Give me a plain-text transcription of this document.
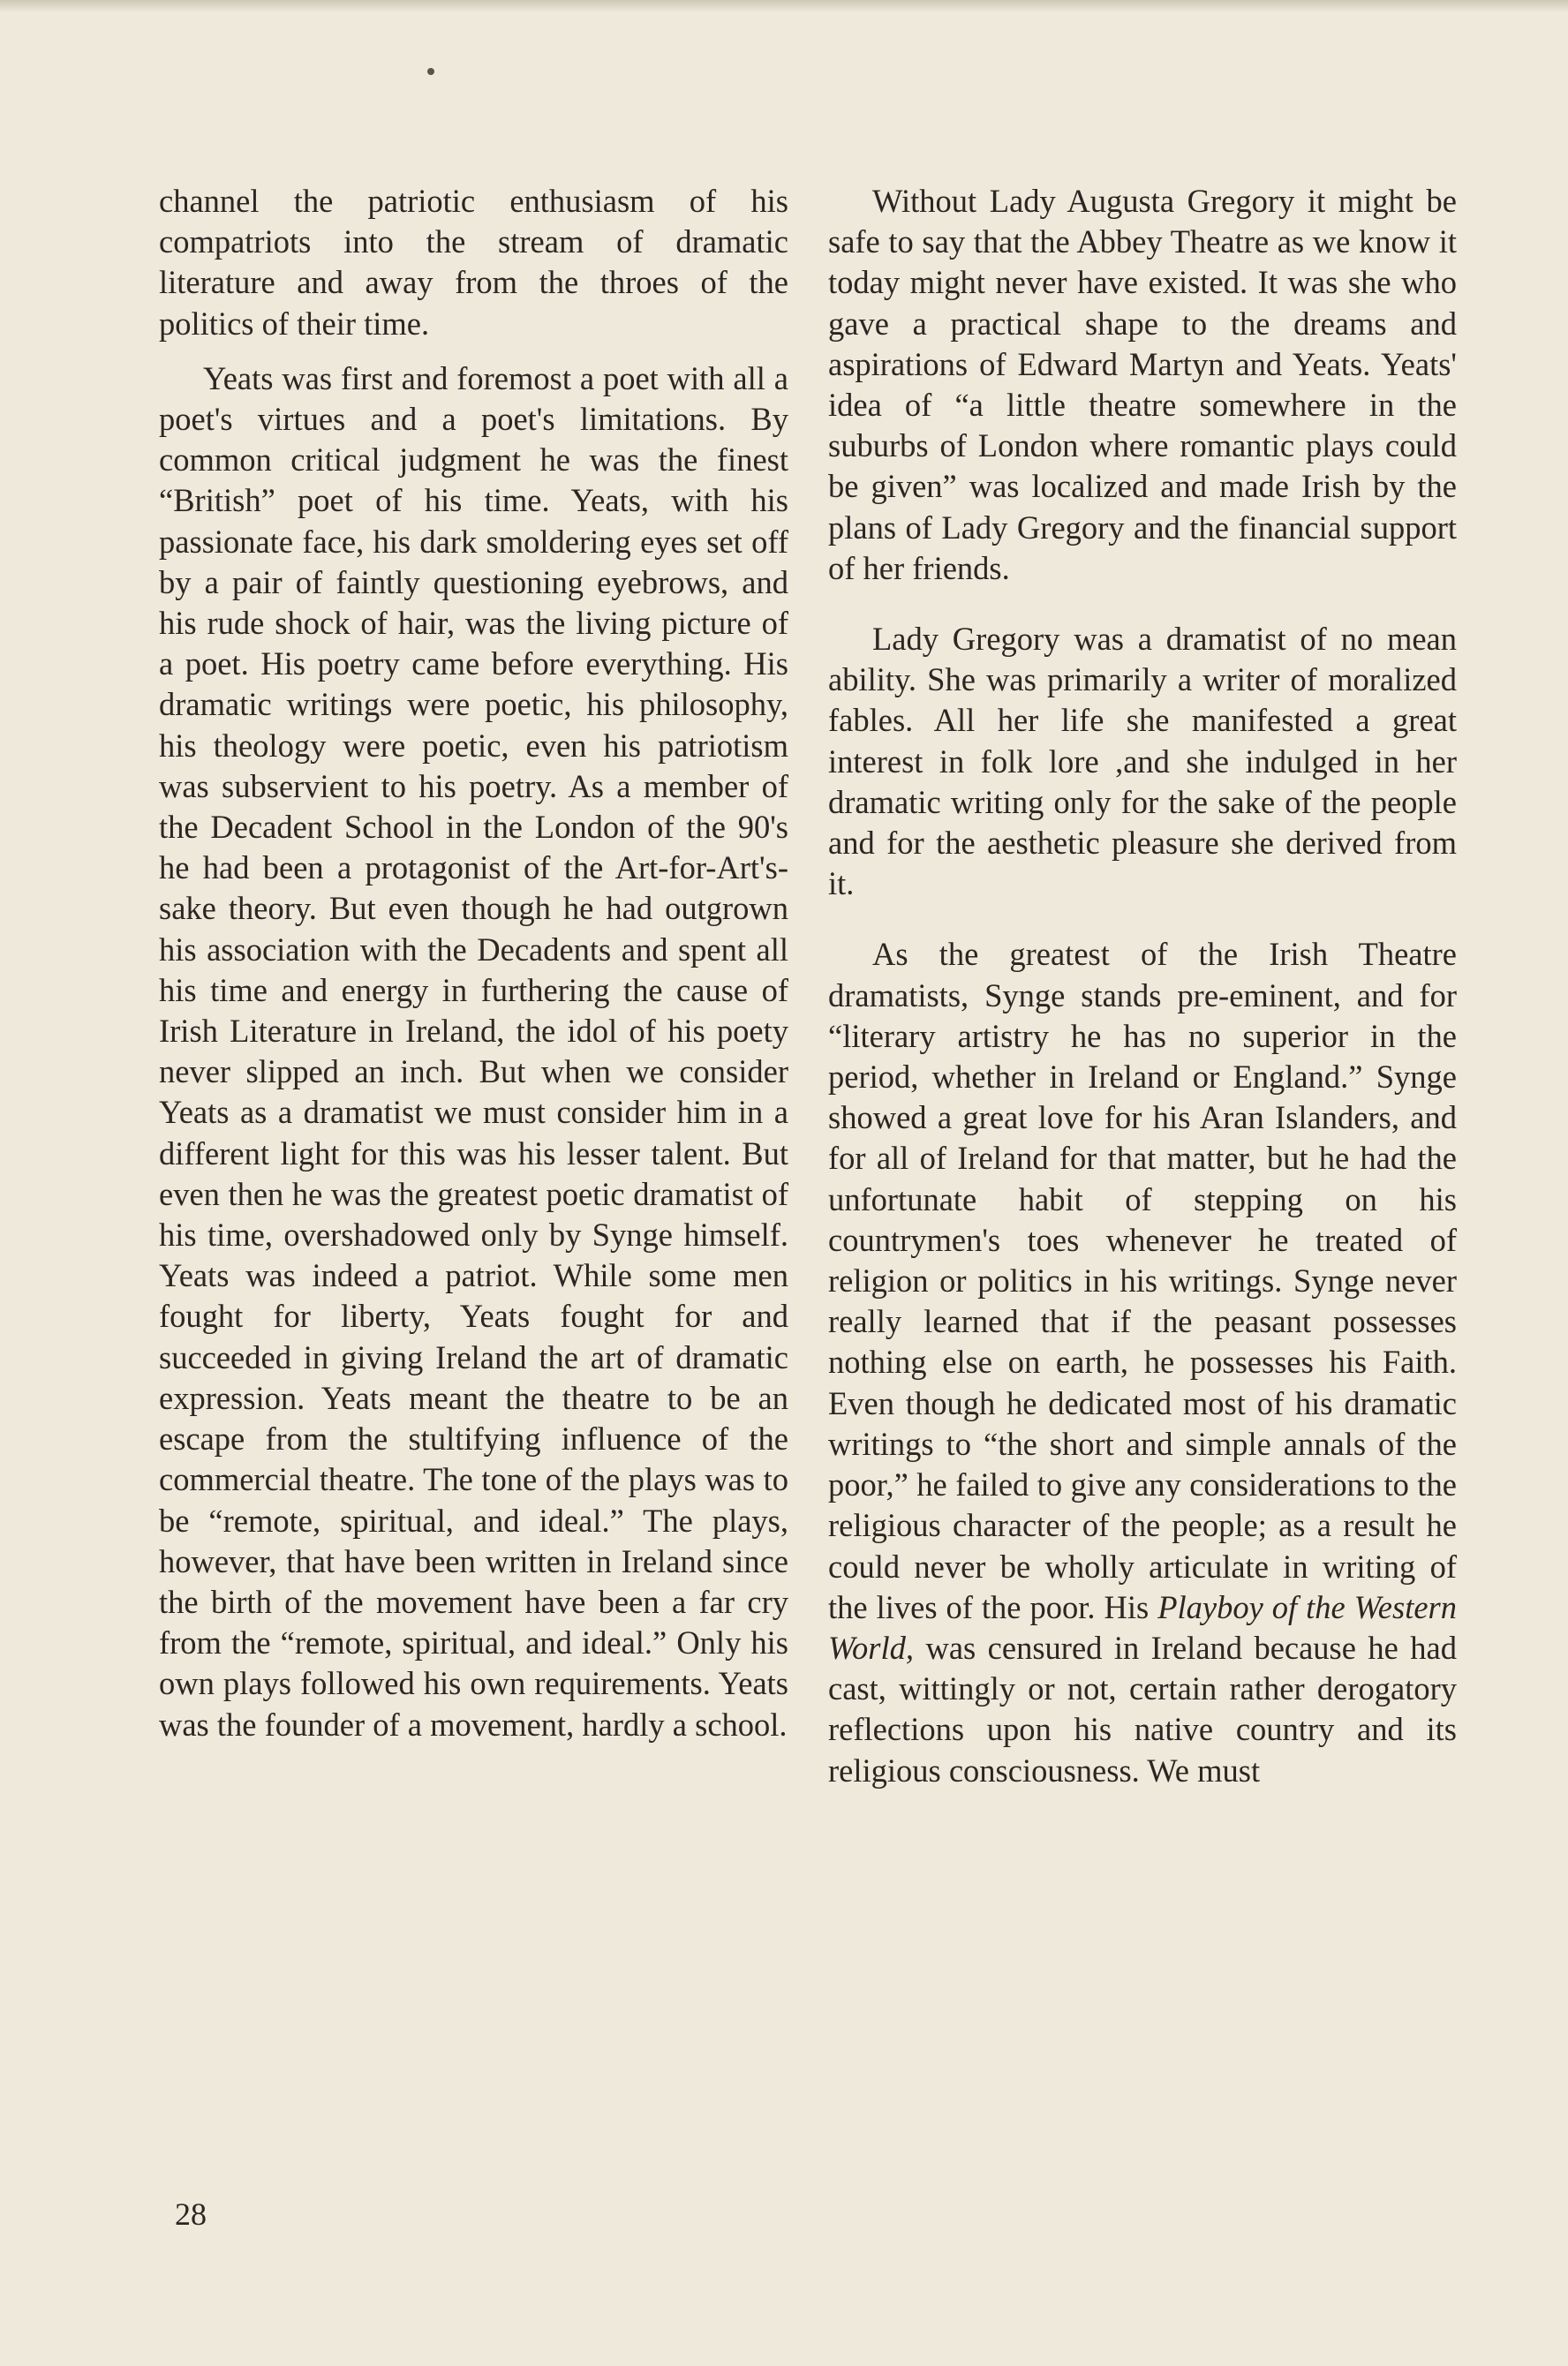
channel the patriotic enthusiasm of his compatriots into the stream of dramatic literature and away from the throes of the politics of their time.

Yeats was first and foremost a poet with all a poet's virtues and a poet's limitations. By common critical judgment he was the finest “British” poet of his time. Yeats, with his passionate face, his dark smoldering eyes set off by a pair of faintly questioning eyebrows, and his rude shock of hair, was the living picture of a poet. His poetry came before everything. His dramatic writings were poetic, his philosophy, his theology were poetic, even his patriotism was subservient to his poetry. As a member of the Decadent School in the London of the 90's he had been a protagonist of the Art-for-Art's-sake theory. But even though he had outgrown his association with the Decadents and spent all his time and energy in furthering the cause of Irish Literature in Ireland, the idol of his poety never slipped an inch. But when we consider Yeats as a dramatist we must consider him in a different light for this was his lesser talent. But even then he was the greatest poetic dramatist of his time, overshadowed only by Synge himself. Yeats was indeed a patriot. While some men fought for liberty, Yeats fought for and succeeded in giving Ireland the art of dramatic expression. Yeats meant the theatre to be an escape from the stultifying influence of the commercial theatre. The tone of the plays was to be “remote, spiritual, and ideal.” The plays, however, that have been written in Ireland since the birth of the movement have been a far cry from the “remote, spiritual, and ideal.” Only his own plays followed his own requirements. Yeats was the founder of a movement, hardly a school.

Without Lady Augusta Gregory it might be safe to say that the Abbey Theatre as we know it today might never have existed. It was she who gave a practical shape to the dreams and aspirations of Edward Martyn and Yeats. Yeats' idea of “a little theatre somewhere in the suburbs of London where romantic plays could be given” was localized and made Irish by the plans of Lady Gregory and the financial support of her friends.

Lady Gregory was a dramatist of no mean ability. She was primarily a writer of moralized fables. All her life she manifested a great interest in folk lore ,and she indulged in her dramatic writing only for the sake of the people and for the aesthetic pleasure she derived from it.

As the greatest of the Irish Theatre dramatists, Synge stands pre-eminent, and for “literary artistry he has no superior in the period, whether in Ireland or England.” Synge showed a great love for his Aran Islanders, and for all of Ireland for that matter, but he had the unfortunate habit of stepping on his countrymen's toes whenever he treated of religion or politics in his writings. Synge never really learned that if the peasant possesses nothing else on earth, he possesses his Faith. Even though he dedicated most of his dramatic writings to “the short and simple annals of the poor,” he failed to give any considerations to the religious character of the people; as a result he could never be wholly articulate in writing of the lives of the poor. His Playboy of the Western World, was censured in Ireland because he had cast, wittingly or not, certain rather derogatory reflections upon his native country and its religious consciousness. We must

28
